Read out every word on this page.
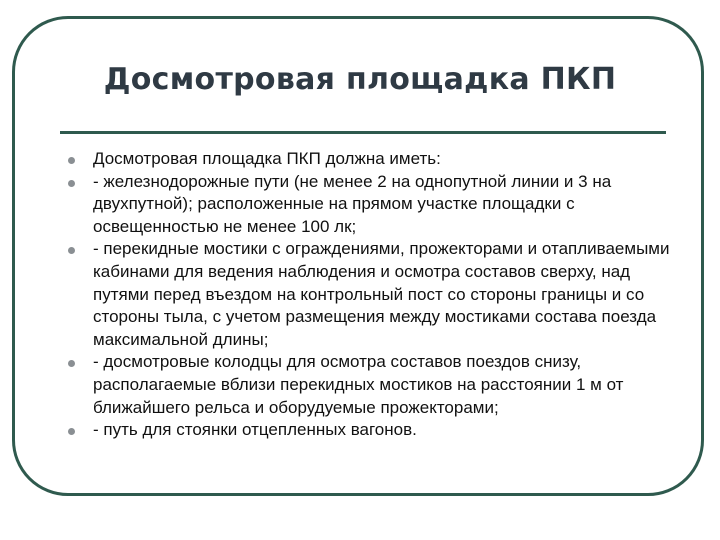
Досмотровая площадка ПКП
Досмотровая площадка ПКП должна иметь:
- железнодорожные пути (не менее 2 на однопутной линии и 3 на двухпутной); расположенные на прямом участке площадки с освещенностью не менее 100 лк;
- перекидные мостики с ограждениями, прожекторами и отапливаемыми кабинами для ведения наблюдения и осмотра составов сверху, над путями перед въездом на контрольный пост со стороны границы и со стороны тыла, с учетом размещения между мостиками состава поезда максимальной длины;
- досмотровые колодцы для осмотра составов поездов снизу, располагаемые вблизи перекидных мостиков на расстоянии 1 м от ближайшего рельса и оборудуемые прожекторами;
- путь для стоянки отцепленных вагонов.
